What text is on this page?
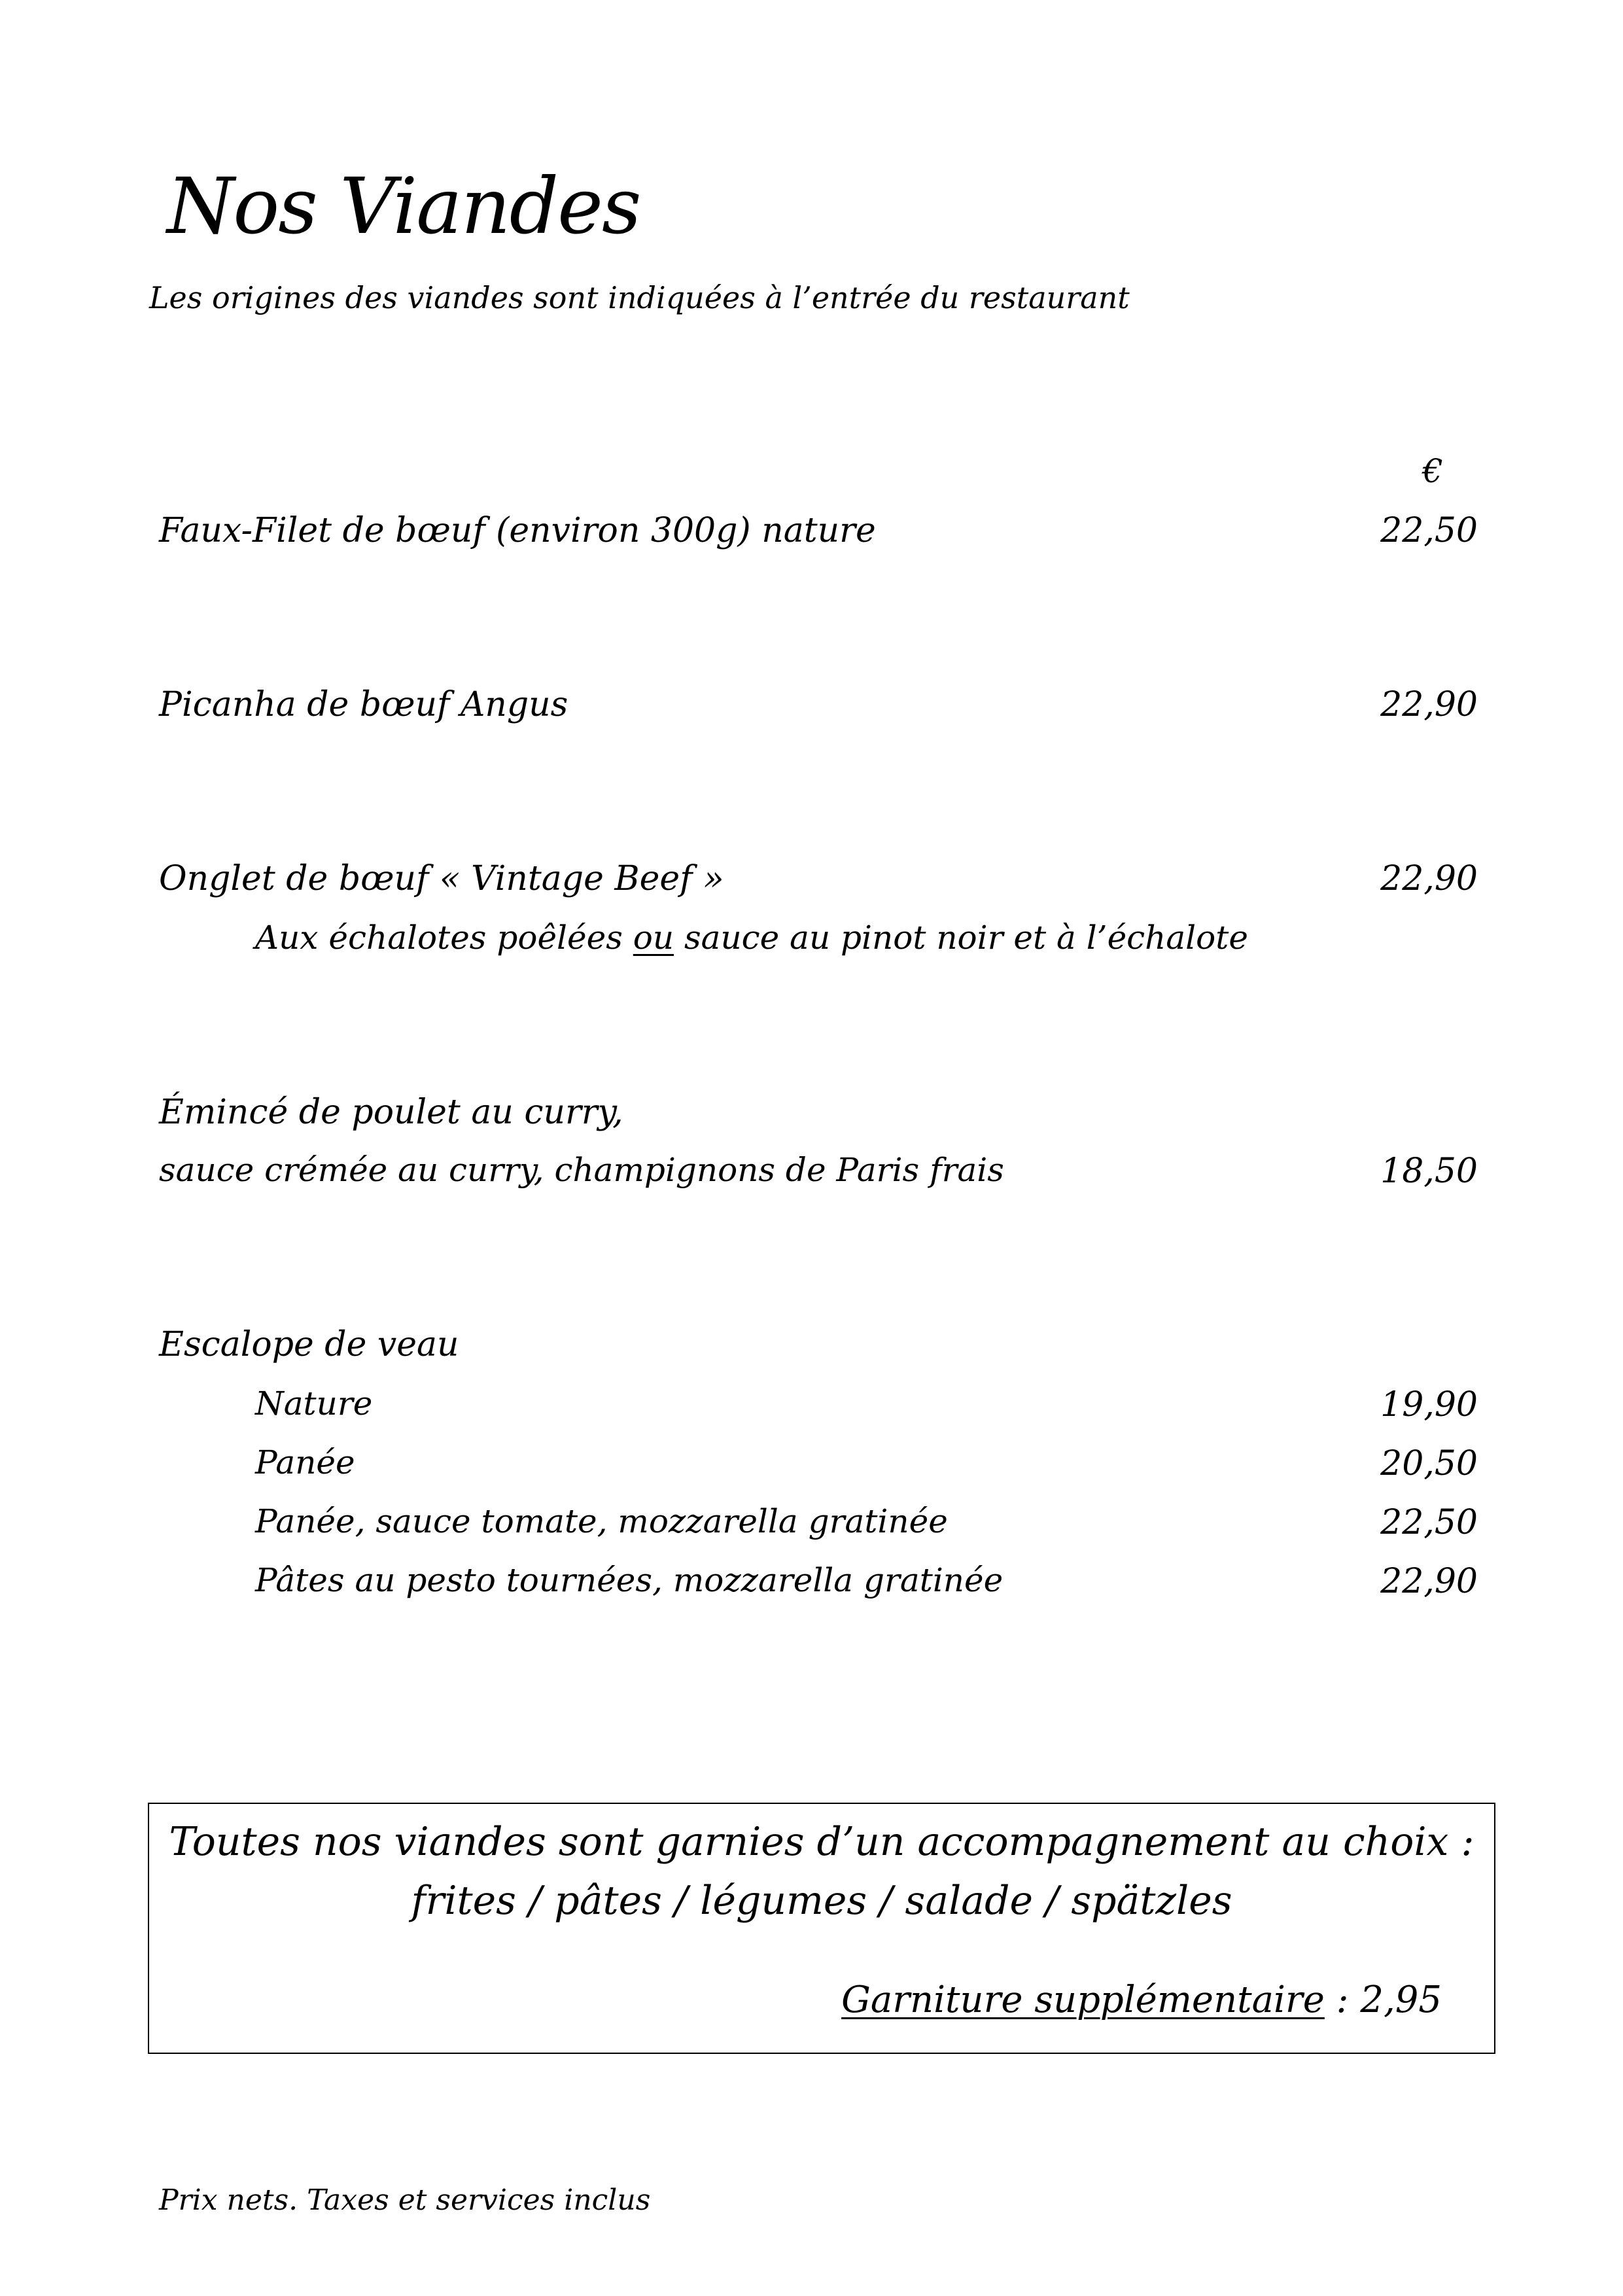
Nos Viandes
Les origines des viandes sont indiquées à l’entrée du restaurant
€
Faux-Filet de bœuf (environ 300g) nature	22,50
Picanha de bœuf Angus	22,90
Onglet de bœuf « Vintage Beef »	22,90
Aux échalotes poêlées ou sauce au pinot noir et à l’échalote
Émincé de poulet au curry,
sauce crémée au curry, champignons de Paris frais	18,50
Escalope de veau
Nature	19,90
Panée	20,50
Panée, sauce tomate, mozzarella gratinée	22,50
Pâtes au pesto tournées, mozzarella gratinée	22,90
Toutes nos viandes sont garnies d’un accompagnement au choix :
frites / pâtes / légumes / salade / spätzles
Garniture supplémentaire : 2,95
Prix nets. Taxes et services inclus
